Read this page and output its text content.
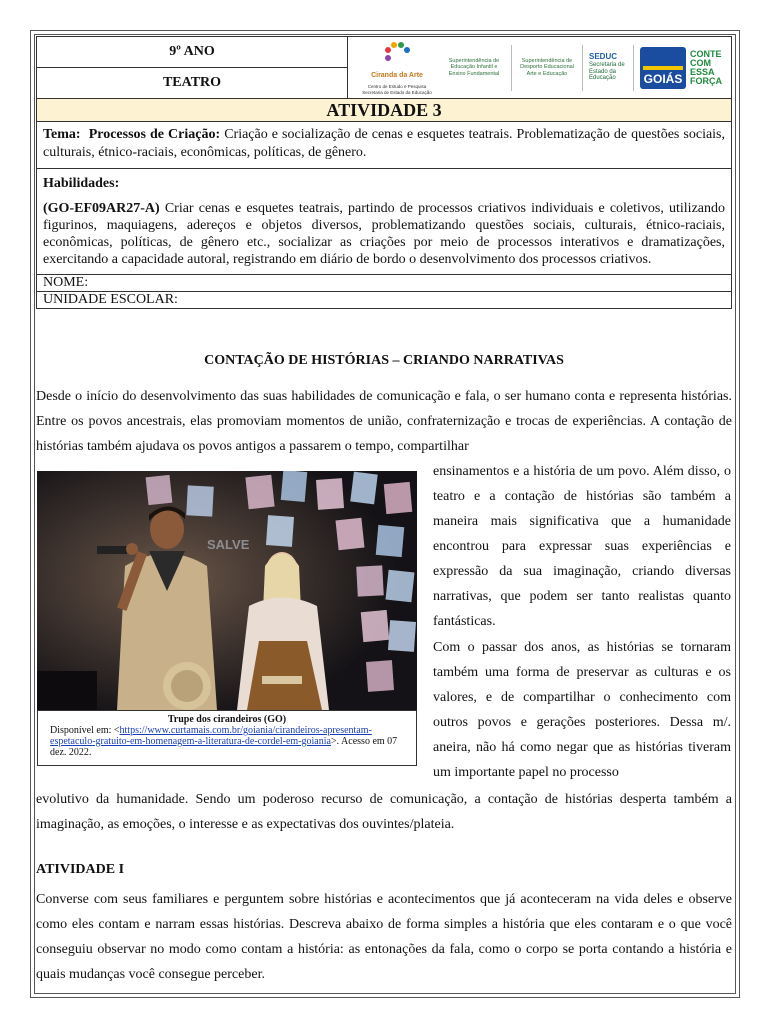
9º ANO
TEATRO	Ciranda da Arte
Centro de Estudo e Pesquisa Secretaria de Estado da Educação
Superintendência de Educação Infantil e Ensino Fundamental
Superintendência de Desporto Educacional Arte e Educação
SEDUC
Secretaria de Estado da Educação	GOIÁS
CONTE
COM
ESSA
FORÇA
ATIVIDADE 3
Tema: Processos de Criação: Criação e socialização de cenas e esquetes teatrais. Problematização de questões sociais, culturais, étnico-raciais, econômicas, políticas, de gênero.
Habilidades:
(GO-EF09AR27-A) Criar cenas e esquetes teatrais, partindo de processos criativos individuais e coletivos, utilizando figurinos, maquiagens, adereços e objetos diversos, problematizando questões sociais, culturais, étnico-raciais, econômicas, políticas, de gênero etc., socializar as criações por meio de processos interativos e dramatizações, exercitando a capacidade autoral, registrando em diário de bordo o desenvolvimento dos processos criativos.
NOME:
UNIDADE ESCOLAR:
CONTAÇÃO DE HISTÓRIAS – CRIANDO NARRATIVAS
Desde o início do desenvolvimento das suas habilidades de comunicação e fala, o ser humano conta e representa histórias. Entre os povos ancestrais, elas promoviam momentos de união, confraternização e trocas de experiências. A contação de histórias também ajudava os povos antigos a passarem o tempo, compartilhar
SALVE
Trupe dos cirandeiros (GO)
Disponível em: <https://www.curtamais.com.br/goiania/cirandeiros-apresentam-espetaculo-gratuito-em-homenagem-a-literatura-de-cordel-em-goiania>. Acesso em 07 dez. 2022.
ensinamentos e a história de um povo. Além disso, o teatro e a contação de histórias são também a maneira mais significativa que a humanidade encontrou para expressar suas experiências e expressão da sua imaginação, criando diversas narrativas, que podem ser tanto realistas quanto fantásticas.
Com o passar dos anos, as histórias se tornaram também uma forma de preservar as culturas e os valores, e de compartilhar o conhecimento com outros povos e gerações posteriores. Dessa m/. aneira, não há como negar que as histórias tiveram um importante papel no processo
evolutivo da humanidade. Sendo um poderoso recurso de comunicação, a contação de histórias desperta também a imaginação, as emoções, o interesse e as expectativas dos ouvintes/plateia.
ATIVIDADE I
Converse com seus familiares e perguntem sobre histórias e acontecimentos que já aconteceram na vida deles e observe como eles contam e narram essas histórias. Descreva abaixo de forma simples a história que eles contaram e o que você conseguiu observar no modo como contam a história: as entonações da fala, como o corpo se porta contando a história e quais mudanças você consegue perceber.
